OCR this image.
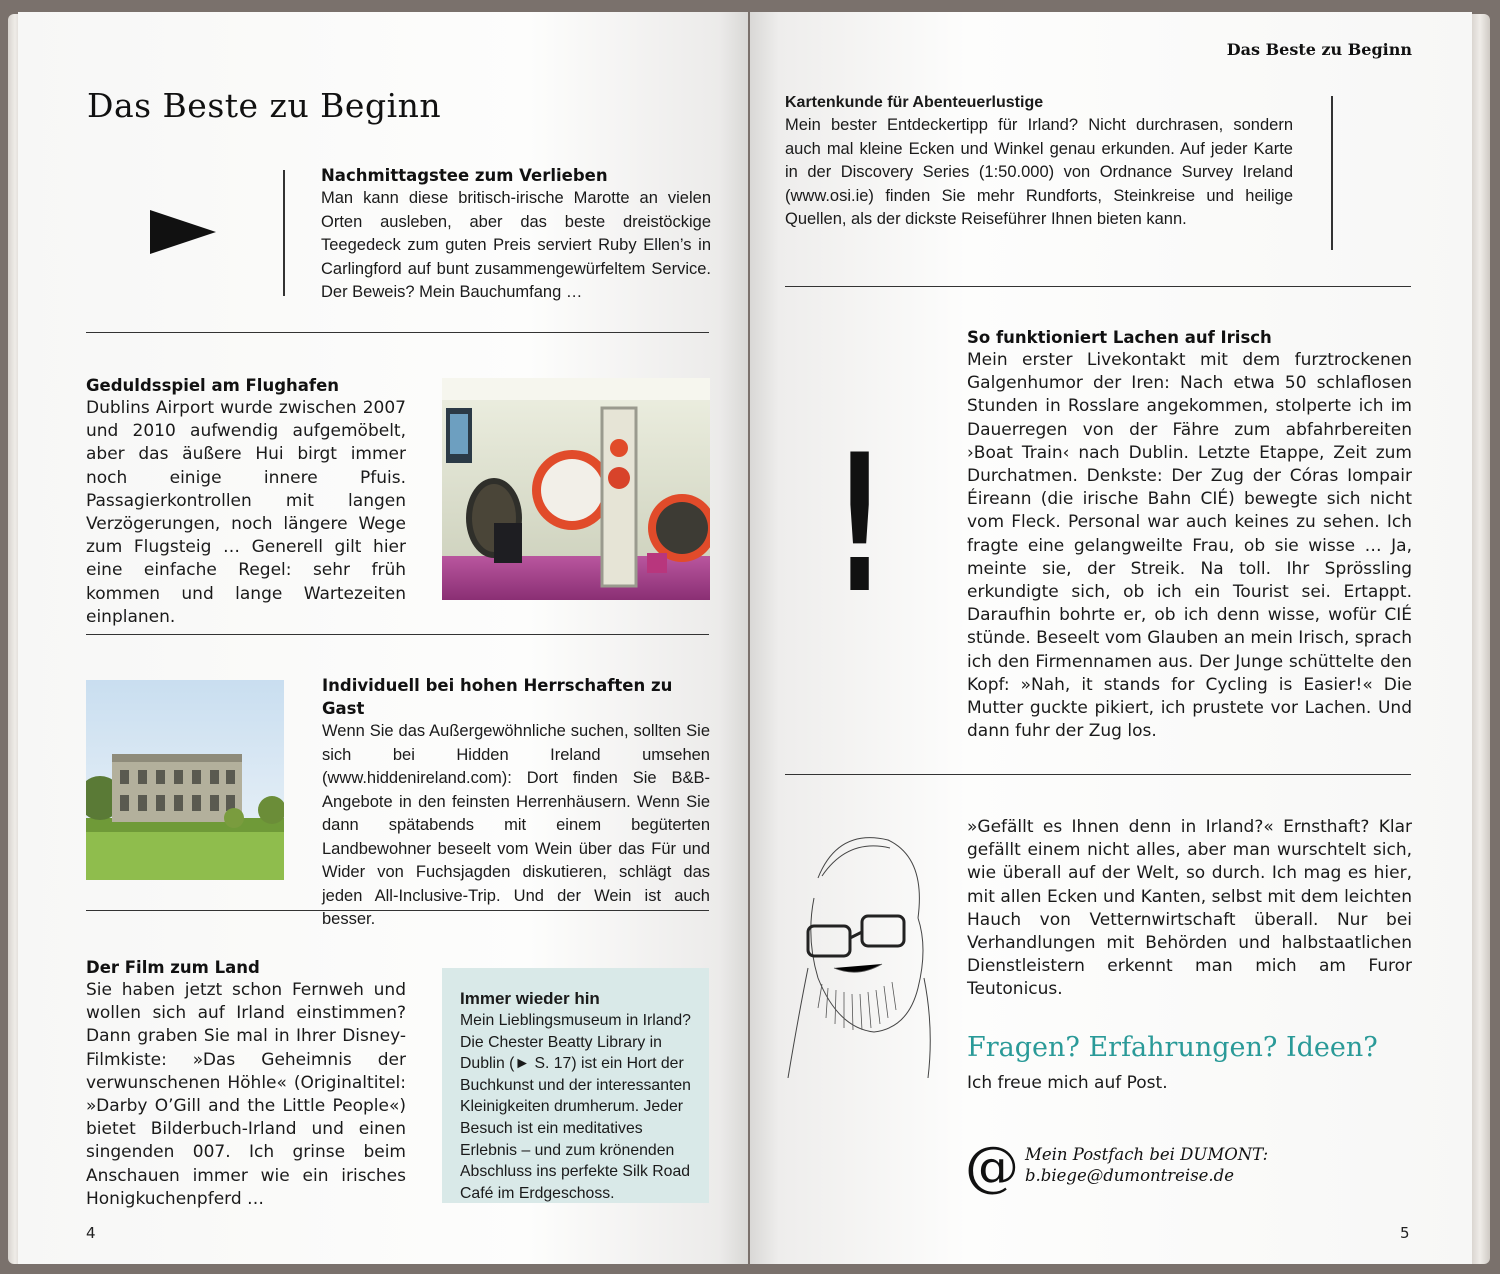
Das Beste zu Beginn

Nachmittagstee zum Verlieben

Man kann diese britisch-irische Marotte an vielen Orten ausleben, aber das beste dreistöckige Teegedeck zum guten Preis serviert Ruby Ellen’s in Carlingford auf bunt zusammengewürfeltem Service. Der Beweis? Mein Bauchumfang …

Geduldsspiel am Flughafen

Dublins Airport wurde zwischen 2007 und 2010 aufwendig aufgemöbelt, aber das äußere Hui birgt immer noch einige innere Pfuis. Passagierkontrollen mit langen Verzögerungen, noch längere Wege zum Flugsteig … Generell gilt hier eine einfache Regel: sehr früh kommen und lange Wartezeiten einplanen.

Individuell bei hohen Herrschaften zu Gast

Wenn Sie das Außergewöhnliche suchen, sollten Sie sich bei Hidden Ireland umsehen (www.hiddenireland.com): Dort finden Sie B&B-Angebote in den feinsten Herrenhäusern. Wenn Sie dann spätabends mit einem begüterten Landbewohner beseelt vom Wein über das Für und Wider von Fuchsjagden diskutieren, schlägt das jeden All-Inclusive-Trip. Und der Wein ist auch besser.

Der Film zum Land

Sie haben jetzt schon Fernweh und wollen sich auf Irland einstimmen? Dann graben Sie mal in Ihrer Disney-Filmkiste: »Das Geheimnis der verwunschenen Höhle« (Originaltitel: »Darby O’Gill and the Little People«) bietet Bilderbuch-Irland und einen singenden 007. Ich grinse beim Anschauen immer wie ein irisches Honigkuchenpferd …

Immer wieder hin

Mein Lieblingsmuseum in Irland? Die Chester Beatty Library in Dublin (► S. 17) ist ein Hort der Buchkunst und der interessanten Kleinigkeiten drumherum. Jeder Besuch ist ein meditatives Erlebnis – und zum krönenden Abschluss ins perfekte Silk Road Café im Erdgeschoss.

4
Das Beste zu Beginn

Kartenkunde für Abenteuerlustige

Mein bester Entdeckertipp für Irland? Nicht durchrasen, sondern auch mal kleine Ecken und Winkel genau erkunden. Auf jeder Karte in der Discovery Series (1:50.000) von Ordnance Survey Ireland (www.osi.ie) finden Sie mehr Rundforts, Steinkreise und heilige Quellen, als der dickste Reiseführer Ihnen bieten kann.

!

So funktioniert Lachen auf Irisch

Mein erster Livekontakt mit dem furztrockenen Galgenhumor der Iren: Nach etwa 50 schlaflosen Stunden in Rosslare angekommen, stolperte ich im Dauerregen von der Fähre zum abfahrbereiten ›Boat Train‹ nach Dublin. Letzte Etappe, Zeit zum Durchatmen. Denkste: Der Zug der Córas Iompair Éireann (die irische Bahn CIÉ) bewegte sich nicht vom Fleck. Personal war auch keines zu sehen. Ich fragte eine gelangweilte Frau, ob sie wisse … Ja, meinte sie, der Streik. Na toll. Ihr Sprössling erkundigte sich, ob ich ein Tourist sei. Ertappt. Daraufhin bohrte er, ob ich denn wisse, wofür CIÉ stünde. Beseelt vom Glauben an mein Irisch, sprach ich den Firmennamen aus. Der Junge schüttelte den Kopf: »Nah, it stands for Cycling is Easier!« Die Mutter guckte pikiert, ich prustete vor Lachen. Und dann fuhr der Zug los.

»Gefällt es Ihnen denn in Irland?« Ernsthaft? Klar gefällt einem nicht alles, aber man wurschtelt sich, wie überall auf der Welt, so durch. Ich mag es hier, mit allen Ecken und Kanten, selbst mit dem leichten Hauch von Vetternwirtschaft überall. Nur bei Verhandlungen mit Behörden und halbstaatlichen Dienstleistern erkennt man mich am Furor Teutonicus.

Fragen? Erfahrungen? Ideen?
Ich freue mich auf Post.
@ Mein Postfach bei DUMONT:
b.biege@dumontreise.de
5
